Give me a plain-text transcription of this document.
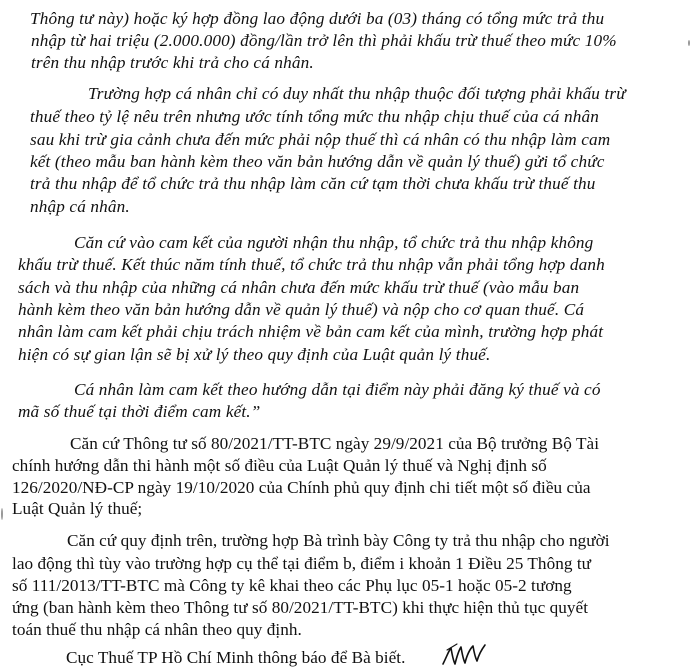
Thông tư này) hoặc ký hợp đồng lao động dưới ba (03) tháng có tổng mức trả thu
nhập từ hai triệu (2.000.000) đồng/lần trở lên thì phải khấu trừ thuế theo mức 10%
trên thu nhập trước khi trả cho cá nhân.
Trường hợp cá nhân chỉ có duy nhất thu nhập thuộc đối tượng phải khấu trừ
thuế theo tỷ lệ nêu trên nhưng ước tính tổng mức thu nhập chịu thuế của cá nhân
sau khi trừ gia cảnh chưa đến mức phải nộp thuế thì cá nhân có thu nhập làm cam
kết (theo mẫu ban hành kèm theo văn bản hướng dẫn về quản lý thuế) gửi tổ chức
trả thu nhập để tổ chức trả thu nhập làm căn cứ tạm thời chưa khấu trừ thuế thu
nhập cá nhân.
Căn cứ vào cam kết của người nhận thu nhập, tổ chức trả thu nhập không
khấu trừ thuế. Kết thúc năm tính thuế, tổ chức trả thu nhập vẫn phải tổng hợp danh
sách và thu nhập của những cá nhân chưa đến mức khấu trừ thuế (vào mẫu ban
hành kèm theo văn bản hướng dẫn về quản lý thuế) và nộp cho cơ quan thuế. Cá
nhân làm cam kết phải chịu trách nhiệm về bản cam kết của mình, trường hợp phát
hiện có sự gian lận sẽ bị xử lý theo quy định của Luật quản lý thuế.
Cá nhân làm cam kết theo hướng dẫn tại điểm này phải đăng ký thuế và có
mã số thuế tại thời điểm cam kết.”
Căn cứ Thông tư số 80/2021/TT-BTC ngày 29/9/2021 của Bộ trưởng Bộ Tài
chính hướng dẫn thi hành một số điều của Luật Quản lý thuế và Nghị định số
126/2020/NĐ-CP ngày 19/10/2020 của Chính phủ quy định chi tiết một số điều của
Luật Quản lý thuế;
Căn cứ quy định trên, trường hợp Bà trình bày Công ty trả thu nhập cho người
lao động thì tùy vào trường hợp cụ thể tại điểm b, điểm i khoản 1 Điều 25 Thông tư
số 111/2013/TT-BTC mà Công ty kê khai theo các Phụ lục 05-1 hoặc 05-2 tương
ứng (ban hành kèm theo Thông tư số 80/2021/TT-BTC) khi thực hiện thủ tục quyết
toán thuế thu nhập cá nhân theo quy định.
Cục Thuế TP Hồ Chí Minh thông báo để Bà biết.
